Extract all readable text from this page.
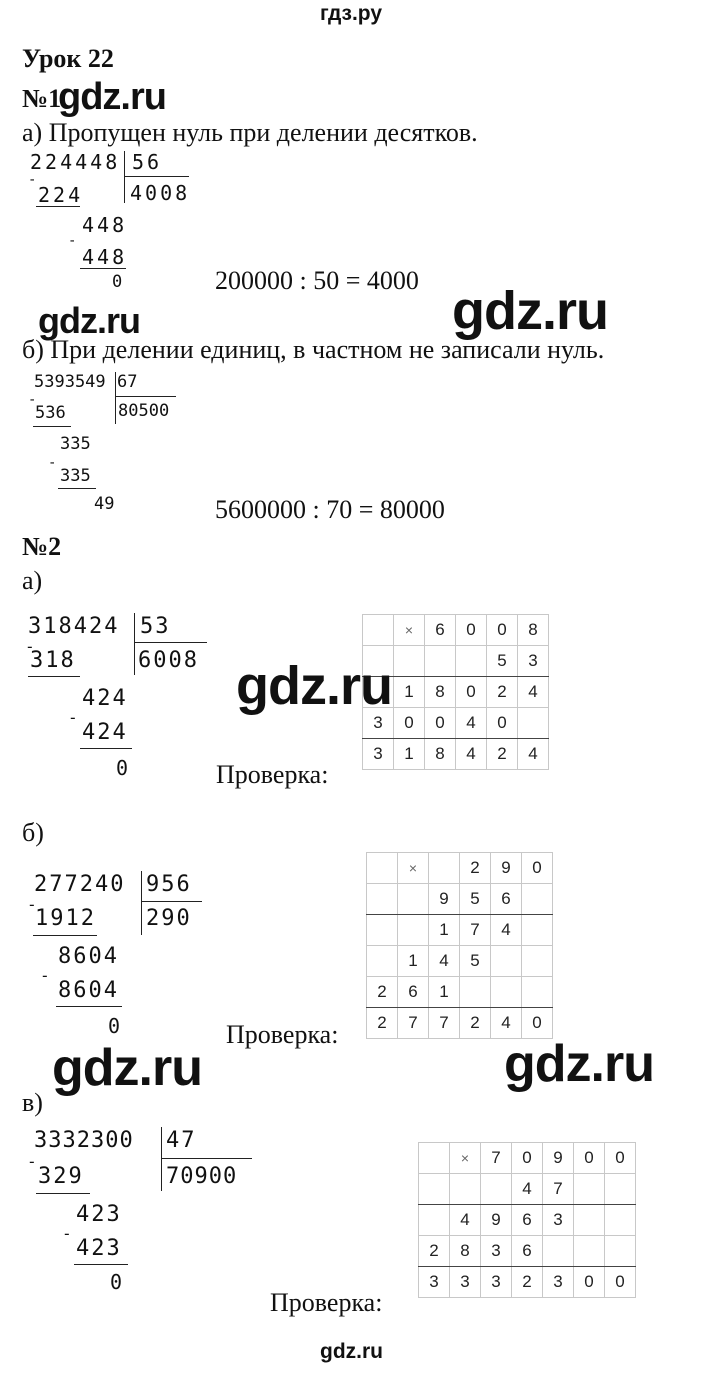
гдз.ру
Урок 22
№1
gdz.ru
а) Пропущен нуль при делении десятков.
224448 56
4008
-
224
448
-
448
0	200000 : 50 = 4000
gdz.ru	gdz.ru
б) При делении единиц, в частном не записали нуль.
5393549 67
80500
-
536
335
-
335
49	5600000 : 70 = 80000
№2
а)
318424 53
6008
-
318
424
-
424
0	Проверка:
	×	6	0	0	8
				5	3
	1	8	0	2	4
3	0	0	4	0	
3	1	8	4	2	4
gdz.ru
б)
277240 956
290
-
1912
8604
-
8604
0	Проверка:
	×		2	9	0
		9	5	6	
		1	7	4	
	1	4	5		
2	6	1			
2	7	7	2	4	0
gdz.ru	gdz.ru
в)
3332300 47
70900
-
329
423
-
423
0
Проверка:
	×	7	0	9	0	0
			4	7		
	4	9	6	3		
2	8	3	6			
3	3	3	2	3	0	0
gdz.ru
